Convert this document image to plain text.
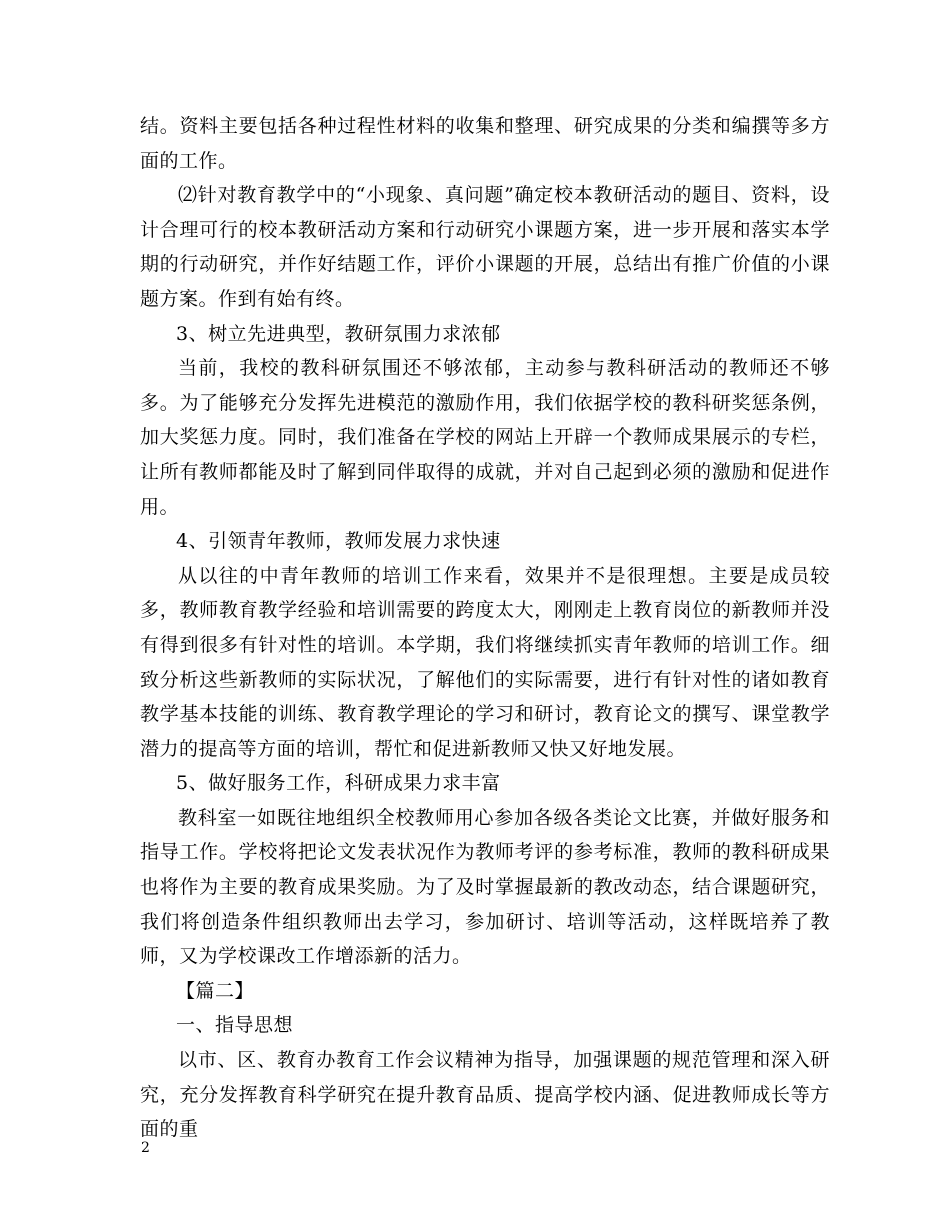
结。资料主要包括各种过程性材料的收集和整理、研究成果的分类和编撰等多方面的工作。

⑵针对教育教学中的“小现象、真问题”确定校本教研活动的题目、资料，设计合理可行的校本教研活动方案和行动研究小课题方案，进一步开展和落实本学期的行动研究，并作好结题工作，评价小课题的开展，总结出有推广价值的小课题方案。作到有始有终。

3、树立先进典型，教研氛围力求浓郁

当前，我校的教科研氛围还不够浓郁，主动参与教科研活动的教师还不够多。为了能够充分发挥先进模范的激励作用，我们依据学校的教科研奖惩条例，加大奖惩力度。同时，我们准备在学校的网站上开辟一个教师成果展示的专栏，让所有教师都能及时了解到同伴取得的成就，并对自己起到必须的激励和促进作用。

4、引领青年教师，教师发展力求快速

从以往的中青年教师的培训工作来看，效果并不是很理想。主要是成员较多，教师教育教学经验和培训需要的跨度太大，刚刚走上教育岗位的新教师并没有得到很多有针对性的培训。本学期，我们将继续抓实青年教师的培训工作。细致分析这些新教师的实际状况，了解他们的实际需要，进行有针对性的诸如教育教学基本技能的训练、教育教学理论的学习和研讨，教育论文的撰写、课堂教学潜力的提高等方面的培训，帮忙和促进新教师又快又好地发展。

5、做好服务工作，科研成果力求丰富

教科室一如既往地组织全校教师用心参加各级各类论文比赛，并做好服务和指导工作。学校将把论文发表状况作为教师考评的参考标准，教师的教科研成果也将作为主要的教育成果奖励。为了及时掌握最新的教改动态，结合课题研究，我们将创造条件组织教师出去学习，参加研讨、培训等活动，这样既培养了教师，又为学校课改工作增添新的活力。

【篇二】

一、指导思想

以市、区、教育办教育工作会议精神为指导，加强课题的规范管理和深入研究，充分发挥教育科学研究在提升教育品质、提高学校内涵、促进教师成长等方面的重

2
